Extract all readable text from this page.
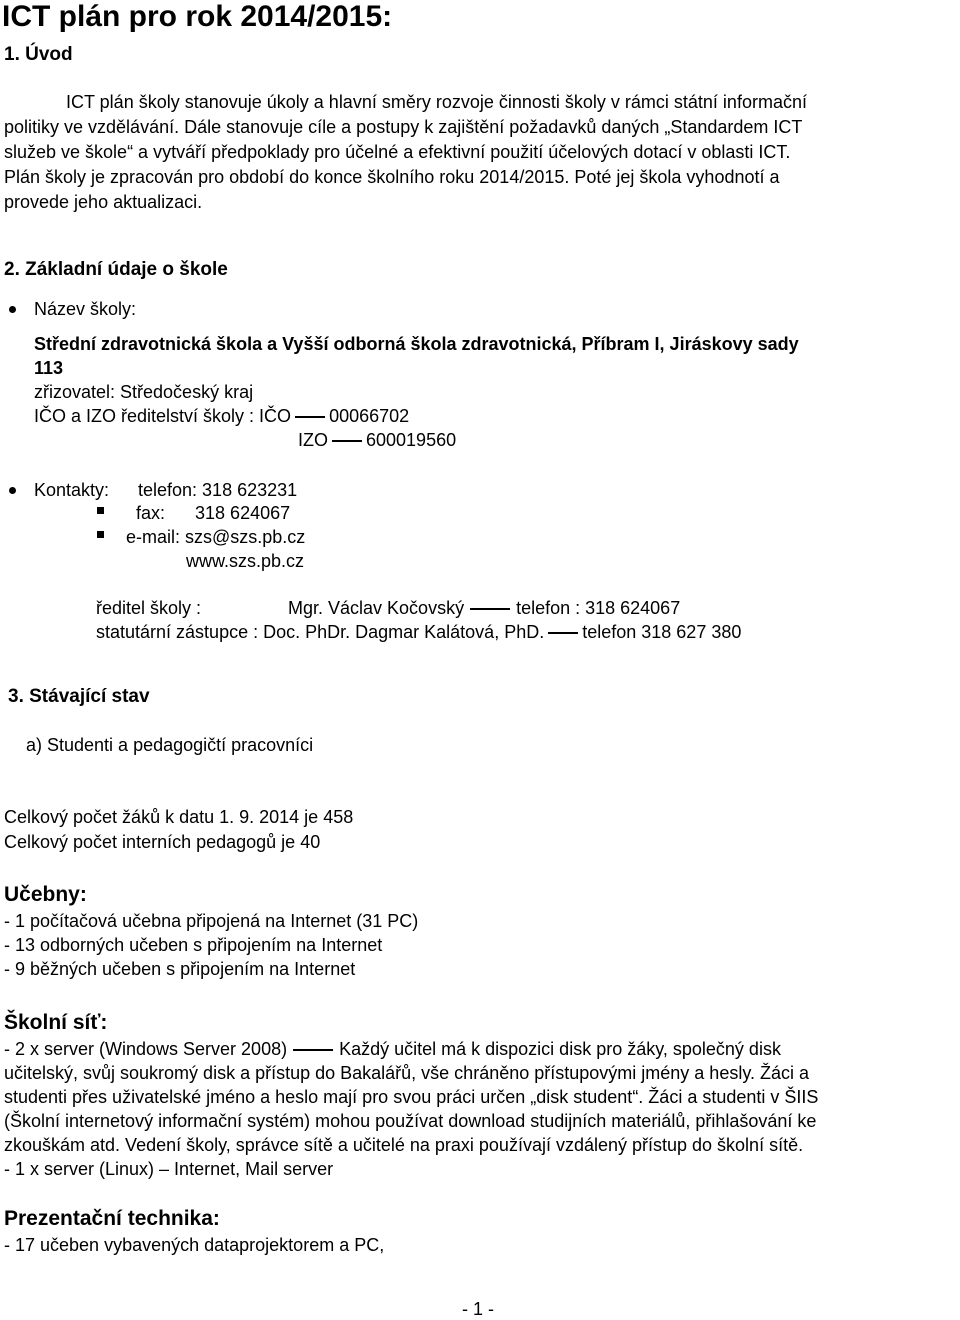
ICT plán pro rok 2014/2015:
1. Úvod
ICT plán školy stanovuje úkoly a hlavní směry rozvoje činnosti školy v rámci státní informační
politiky ve vzdělávání. Dále stanovuje cíle a postupy k zajištění požadavků daných „Standardem ICT
služeb ve škole“ a vytváří předpoklady pro účelné a efektivní použití účelových dotací v oblasti ICT.
Plán školy je zpracován pro období do konce školního roku 2014/2015. Poté jej škola vyhodnotí a
provede jeho aktualizaci.
2. Základní údaje o škole
Název školy:
Střední zdravotnická škola a Vyšší odborná škola zdravotnická, Příbram I, Jiráskovy sady
113
zřizovatel: Středočeský kraj
IČO a IZO ředitelství školy : IČO 00066702
IZO 600019560
Kontakty: telefon: 318 623231
fax:      318 624067
e-mail: szs@szs.pb.cz
www.szs.pb.cz
ředitel školy :	Mgr. Václav Kočovský	telefon : 318 624067
statutární zástupce : Doc. PhDr. Dagmar Kalátová, PhD. telefon 318 627 380
3. Stávající stav
a) Studenti a pedagogičtí pracovníci
Celkový počet žáků k datu 1. 9. 2014 je 458
Celkový počet interních pedagogů je 40
Učebny:
- 1 počítačová učebna připojená na Internet (31 PC)
- 13 odborných učeben s připojením na Internet
- 9 běžných učeben s připojením na Internet
Školní síť:
- 2 x server (Windows Server 2008)	Každý učitel má k dispozici disk pro žáky, společný disk
učitelský, svůj soukromý disk a přístup do Bakalářů, vše chráněno přístupovými jmény a hesly. Žáci a
studenti přes uživatelské jméno a heslo mají pro svou práci určen „disk student“. Žáci a studenti v ŠIIS
(Školní internetový informační systém) mohou používat download studijních materiálů, přihlašování ke
zkouškám atd. Vedení školy, správce sítě a učitelé na praxi používají vzdálený přístup do školní sítě.
- 1 x server (Linux) – Internet, Mail server
Prezentační technika:
- 17 učeben vybavených dataprojektorem a PC,
- 1 -
